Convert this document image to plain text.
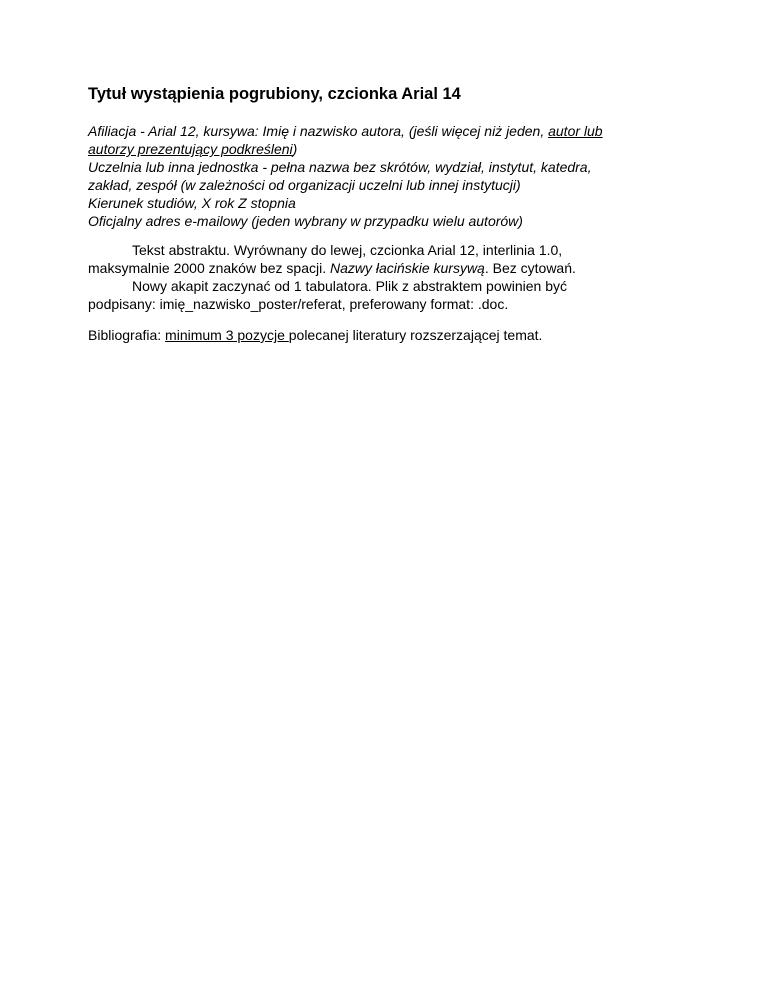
Tytuł wystąpienia pogrubiony, czcionka Arial 14
Afiliacja - Arial 12, kursywa: Imię i nazwisko autora, (jeśli więcej niż jeden, autor lub
autorzy prezentujący podkreśleni)
Uczelnia lub inna jednostka - pełna nazwa bez skrótów, wydział, instytut, katedra,
zakład, zespół (w zależności od organizacji uczelni lub innej instytucji)
Kierunek studiów, X rok Z stopnia
Oficjalny adres e-mailowy (jeden wybrany w przypadku wielu autorów)
Tekst abstraktu. Wyrównany do lewej, czcionka Arial 12, interlinia 1.0,
maksymalnie 2000 znaków bez spacji. Nazwy łacińskie kursywą. Bez cytowań.
Nowy akapit zaczynać od 1 tabulatora. Plik z abstraktem powinien być
podpisany: imię_nazwisko_poster/referat, preferowany format: .doc.
Bibliografia: minimum 3 pozycje polecanej literatury rozszerzającej temat.
